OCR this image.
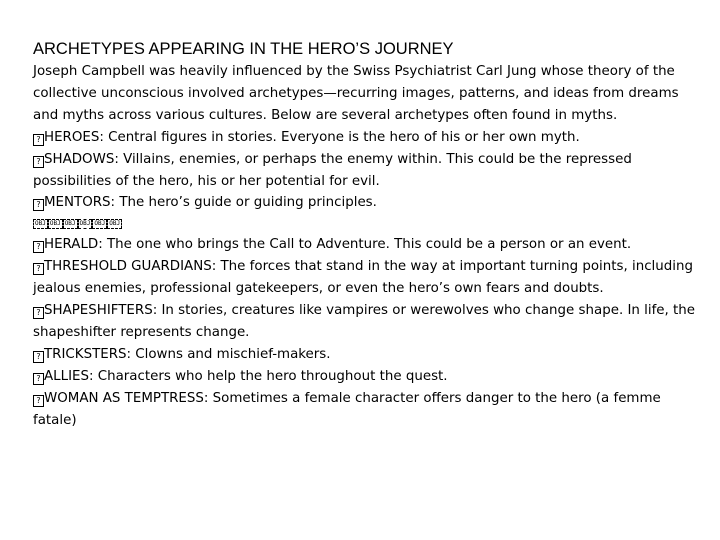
ARCHETYPES APPEARING IN THE HERO’S JOURNEY

Joseph Campbell was heavily influenced by the Swiss Psychiatrist Carl Jung whose theory of the collective unconscious involved archetypes—recurring images, patterns, and ideas from dreams and myths across various cultures. Below are several archetypes often found in myths.

? HEROES: Central figures in stories. Everyone is the hero of his or her own myth.

? SHADOWS: Villains, enemies, or perhaps the enemy within. This could be the repressed possibilities of the hero, his or her potential for evil.

? MENTORS: The hero’s guide or guiding principles.

OBJ OBJ OBJ OBJ OBJ OBJ

? HERALD: The one who brings the Call to Adventure. This could be a person or an event.

? THRESHOLD GUARDIANS: The forces that stand in the way at important turning points, including jealous enemies, professional gatekeepers, or even the hero’s own fears and doubts.

? SHAPESHIFTERS: In stories, creatures like vampires or werewolves who change shape. In life, the shapeshifter represents change.

? TRICKSTERS: Clowns and mischief-makers.

? ALLIES: Characters who help the hero throughout the quest.

? WOMAN AS TEMPTRESS: Sometimes a female character offers danger to the hero (a femme fatale)
